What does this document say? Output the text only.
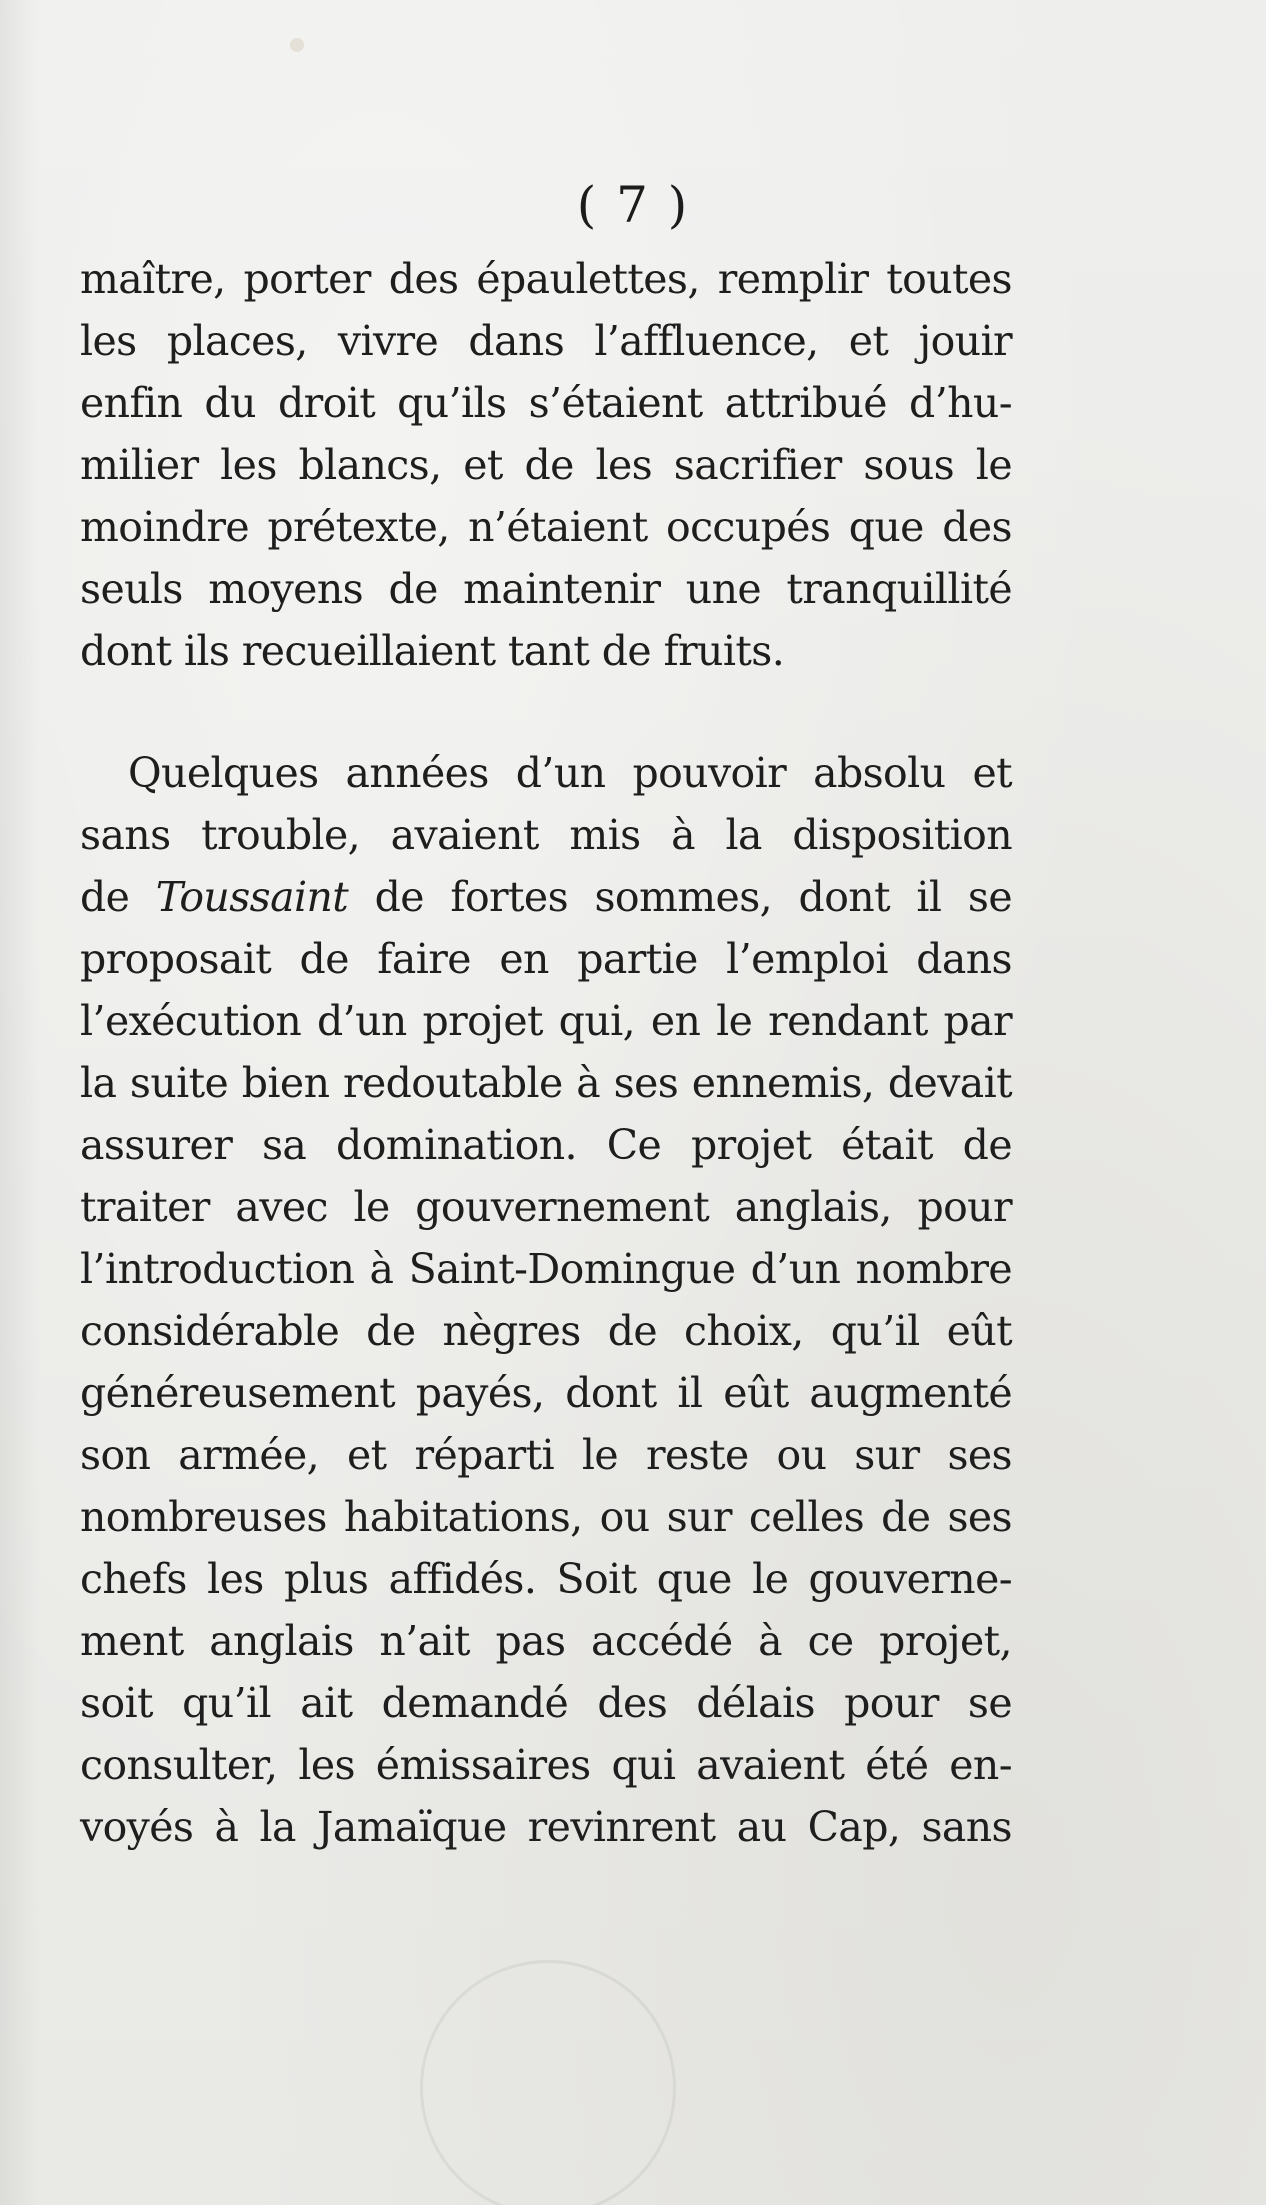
( 7 )
maître, porter des épaulettes, remplir toutes
les places, vivre dans l’affluence, et jouir
enfin du droit qu’ils s’étaient attribué d’hu-
milier les blancs, et de les sacrifier sous le
moindre prétexte, n’étaient occupés que des
seuls moyens de maintenir une tranquillité
dont ils recueillaient tant de fruits.
Quelques années d’un pouvoir absolu et
sans trouble, avaient mis à la disposition
de Toussaint de fortes sommes, dont il se
proposait de faire en partie l’emploi dans
l’exécution d’un projet qui, en le rendant par
la suite bien redoutable à ses ennemis, devait
assurer sa domination. Ce projet était de
traiter avec le gouvernement anglais, pour
l’introduction à Saint-Domingue d’un nombre
considérable de nègres de choix, qu’il eût
généreusement payés, dont il eût augmenté
son armée, et réparti le reste ou sur ses
nombreuses habitations, ou sur celles de ses
chefs les plus affidés. Soit que le gouverne-
ment anglais n’ait pas accédé à ce projet,
soit qu’il ait demandé des délais pour se
consulter, les émissaires qui avaient été en-
voyés à la Jamaïque revinrent au Cap, sans
